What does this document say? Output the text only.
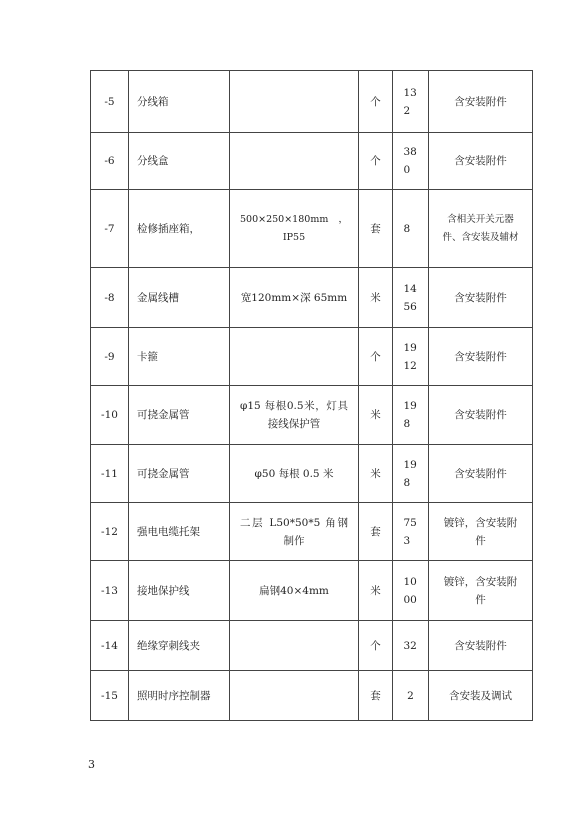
-5	分线箱		个	132	含安装附件
-6	分线盒		个	380	含安装附件
-7	检修插座箱，	500×250×180mm，IP55	套	8	含相关开关元器件、含安装及辅材

-8	金属线槽	宽120mm×深 65mm	米	1456	含安装附件
-9	卡箍		个	1912	含安装附件
-10	可挠金属管	φ15 每根0.5米，灯具接线保护管	米	198	含安装附件
-11	可挠金属管	φ50 每根 0.5 米	米	198	含安装附件
-12	强电电缆托架	二层 L50*50*5 角钢制作	套	753	镀锌，含安装附件

-13	接地保护线	扁钢40×4mm	米	1000	镀锌，含安装附件

-14	绝缘穿刺线夹		个	32	含安装附件
-15	照明时序控制器		套	2	含安装及调试
3
